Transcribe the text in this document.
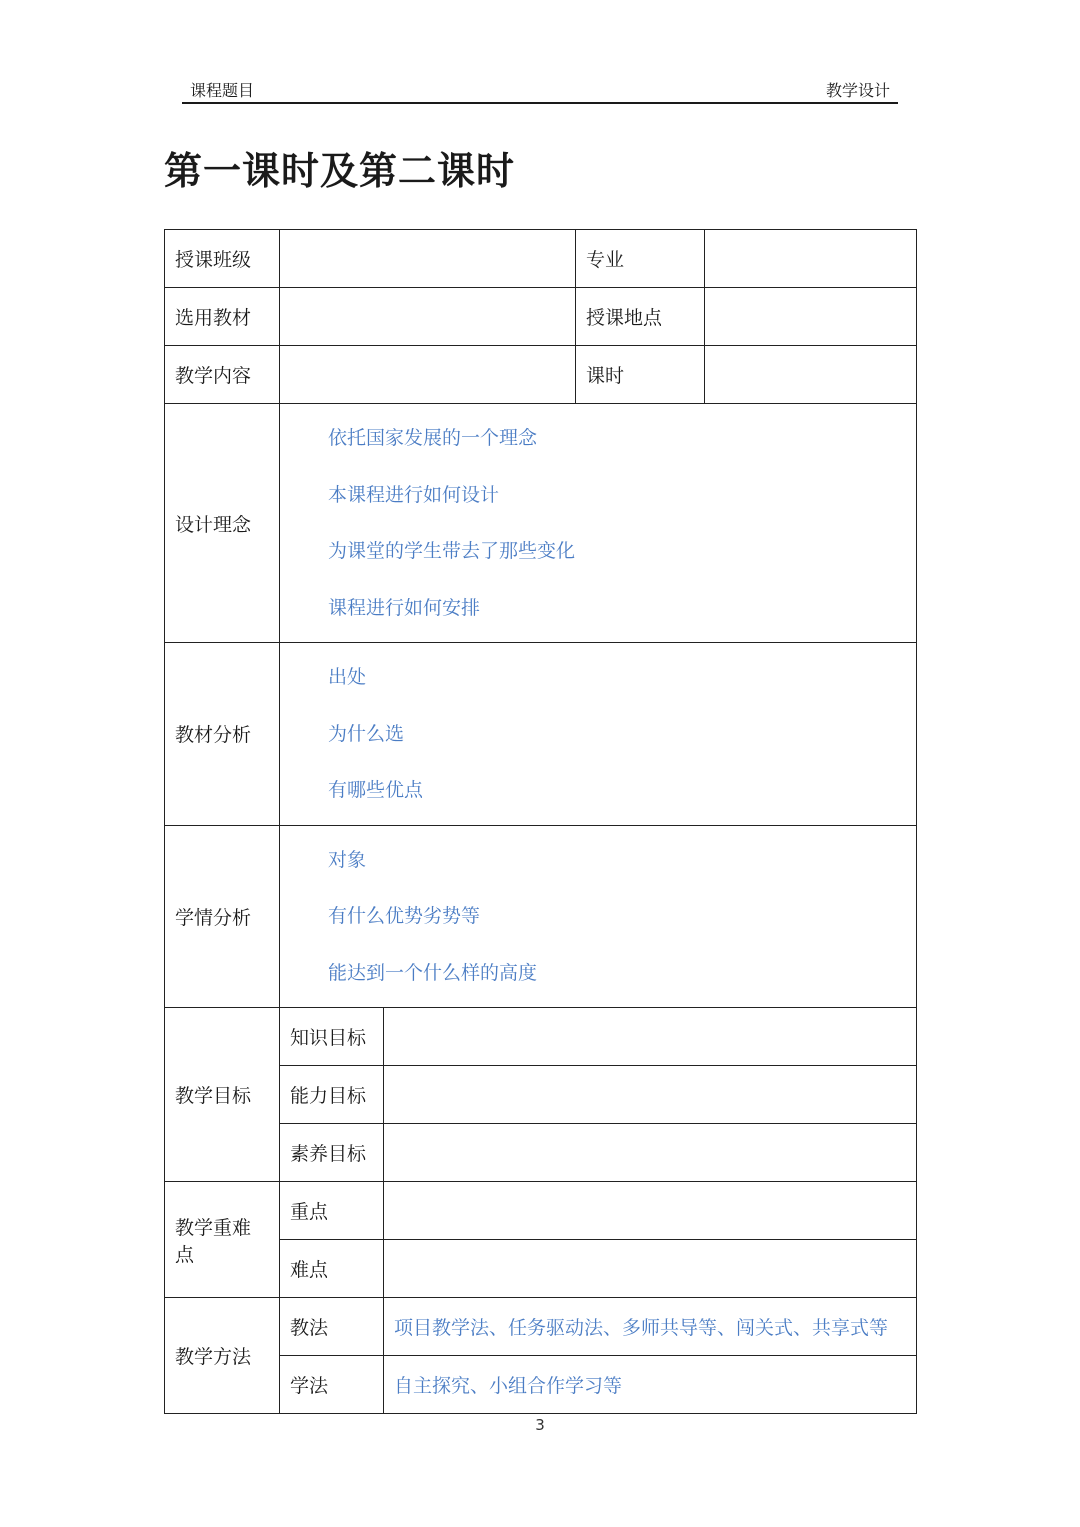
课程题目	教学设计
第一课时及第二课时
授课班级			专业	
选用教材			授课地点	
教学内容			课时	
设计理念	依托国家发展的一个理念
本课程进行如何设计
为课堂的学生带去了那些变化
课程进行如何安排			

教材分析	出处
为什么选
有哪些优点			

学情分析	对象
有什么优势劣势等
能达到一个什么样的高度			

教学目标	知识目标			
	能力目标			
	素养目标			
教学重难点	重点			
	难点			
教学方法	教法	项目教学法、任务驱动法、多师共导等、闯关式、共享式等		
	学法	自主探究、小组合作学习等		
3
